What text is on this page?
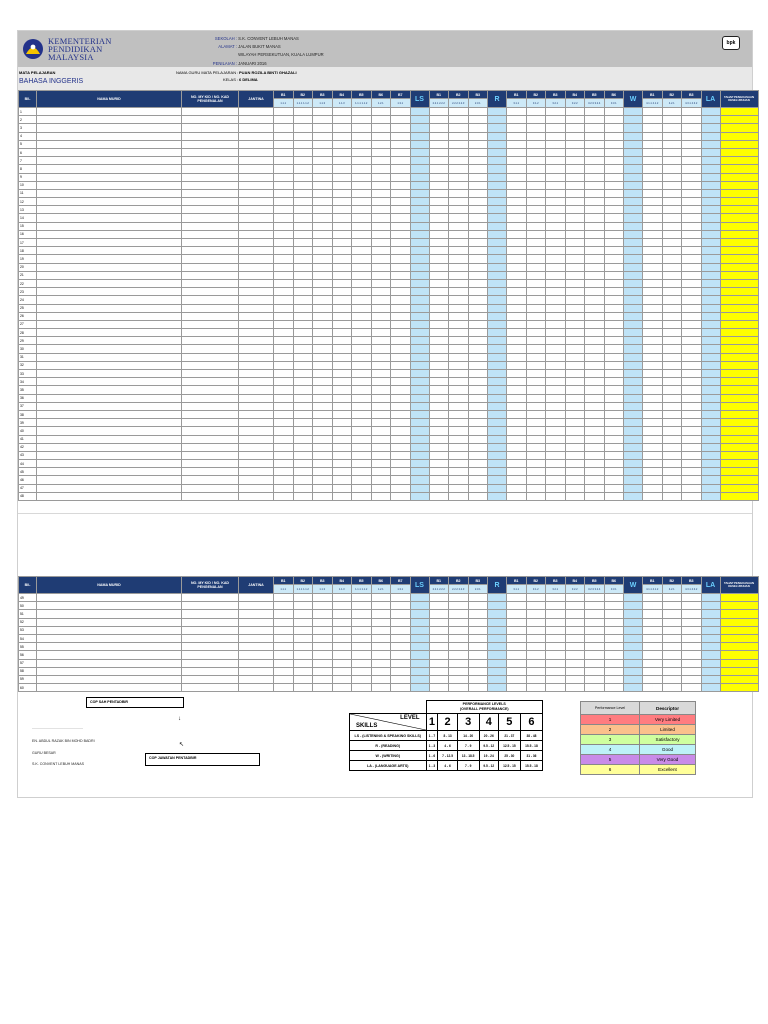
KEMENTERIAN
PENDIDIKAN
MALAYSIA
SEKOLAH : S.K. CONVENT LEBUH MANAS
ALAMAT : JALAN BUKIT MANAS
WILAYAH PERSEKUTUAN, KUALA LUMPUR
PENILAIAN : JANUARI 2016
bpk
MATA PELAJARAN
BAHASA INGGERIS
NAMA GURU MATA PELAJARAN : PUAN ROZILA BINTI GHAZALI
KELAS : 6 DELIMA
BIL	NAMA MURID	NO. MY KID / NO. KAD PENGENALAN	JANTINA	B1	B2	B3	B4	B5	B6	B7	LS	B1	B2	B3	R	B1	B2	B3	B4	B5	B6	W	B1	B2	B3	LA	TAHAP PENGUASAAN KESELURUHAN
				1.1.1	1.1.1 1.1.2	1.1.3	1.1.3	1.1.1 1.1.2	1.2.1	1.3.1		2.2.1 2.2.2	2.2.2 2.2.3	2.3.1		3.1.1	3.1.2	3.2.1	3.2.2	3.2.3 3.2.4	3.3.1		4.1.1 4.1.2	4.2.1	4.3.1 4.3.2		
1																											
2																											
3																											
4																											
5																											
6																											
7																											
8																											
9																											
10																											
11																											
12																											
13																											
14																											
15																											
16																											
17																											
18																											
19																											
20																											
21																											
22																											
23																											
24																											
25																											
26																											
27																											
28																											
29																											
30																											
31																											
32																											
33																											
34																											
35																											
36																											
37																											
38																											
39																											
40																											
41																											
42																											
43																											
44																											
45																											
46																											
47																											
48																											
BIL	NAMA MURID	NO. MY KID / NO. KAD PENGENALAN	JANTINA	B1	B2	B3	B4	B5	B6	B7	LS	B1	B2	B3	R	B1	B2	B3	B4	B5	B6	W	B1	B2	B3	LA	TAHAP PENGUASAAN KESELURUHAN
				1.1.1	1.1.1 1.1.2	1.1.3	1.1.3	1.1.1 1.1.2	1.2.1	1.3.1		2.2.1 2.2.2	2.2.2 2.2.3	2.3.1		3.1.1	3.1.2	3.2.1	3.2.2	3.2.3 3.2.4	3.3.1		4.1.1 4.1.2	4.2.1	4.3.1 4.3.2		
49																											
50																											
51																											
52																											
53																											
54																											
55																											
56																											
57																											
58																											
59																											
60																											
COP SAH PENTADBIR
↓
COP JAWATAN PENTADBIR
↖
...................................................
EN. ABDUL RAZAK BIN MOHD BADRI
GURU BESAR
S.K. CONVENT LEBUH MANAS

	PERFORMANCE LEVELS
(OVERALL PERFORMANCE)					

LEVEL
SKILLS	1	2	3	4	5	6
LS - (LISTENING & SPEAKING SKILLS)	1 - 7	8 - 13	14 - 20	20 - 26	21 - 37	38 - 48
R - (READING)	1 - 3	4 - 6	7 - 9	9.5 - 12	12.5 - 15	15.5 - 18
W - (WRITING)	1 - 6	7 - 12.5	13 - 18.5	19 - 24	25 - 30	31 - 36
LA - (LANGUAGE ARTS)	1 - 3	4 - 6	7 - 9	9.5 - 12	12.5 - 15	15.5 - 18
Performance Level	Descriptor
1	Very Limited
2	Limited
3	Satisfactory
4	Good
5	Very Good
6	Excellent
